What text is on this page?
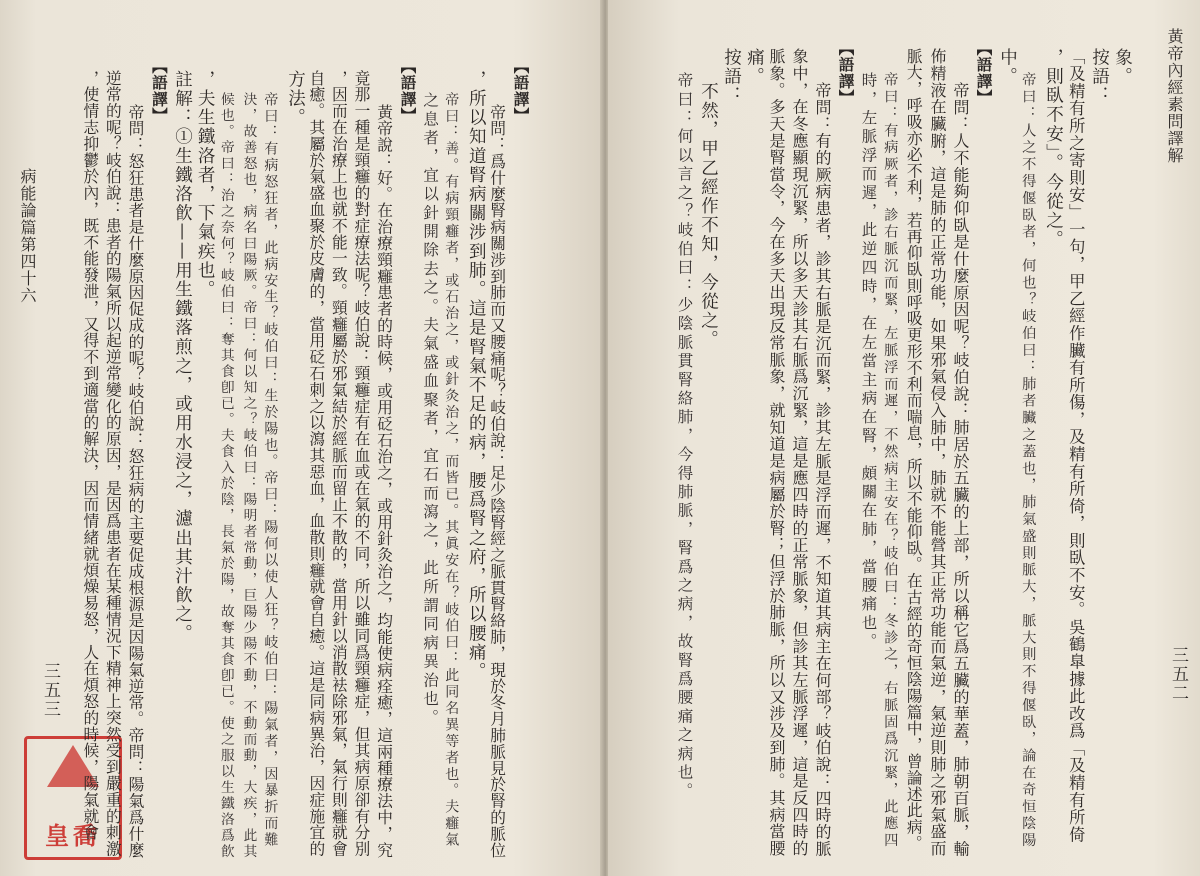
病能論篇第四十六
三五三
皇喬
【語譯】
帝問：爲什麼腎病關涉到肺而又腰痛呢？岐伯說：足少陰腎經之脈貫腎絡肺，現於冬月肺脈見於腎的脈位
，所以知道腎病關涉到肺。這是腎氣不足的病，腰爲腎之府，所以腰痛。
帝曰：善。有病頸癰者，或石治之，或針灸治之，而皆已。其眞安在？岐伯曰：此同名異等者也。夫癰氣
之息者，宜以針開除去之。夫氣盛血聚者，宜石而瀉之，此所謂同病異治也。
【語譯】
黃帝說：好。在治療頸癰患者的時候，或用砭石治之，或用針灸治之，均能使病痊癒，這兩種療法中，究
竟那一種是頸癰的對症療法呢？岐伯說：頸癰症有在血或在氣的不同，所以雖同爲頸癰症，但其病原卻有分別
，因而在治療上也就不能一致。頸癰屬於邪氣結於經脈而留止不散的，當用針以消散袪除邪氣，氣行則癰就會
自癒。其屬於氣盛血聚於皮膚的，當用砭石刺之以瀉其惡血，血散則癰就會自癒。這是同病異治，因症施宜的
方法。
帝曰：有病怒狂者，此病安生？岐伯曰：生於陽也。帝曰：陽何以使人狂？岐伯曰：陽氣者，因暴折而難
決，故善怒也，病名曰陽厥。帝曰：何以知之？岐伯曰：陽明者常動，巨陽少陽不動，不動而動，大疾，此其
候也。帝曰：治之奈何？岐伯曰：奪其食卽已。夫食入於陰，長氣於陽，故奪其食卽已。使之服以生鐵洛爲飮
，夫生鐵洛者，下氣疾也。
註解：①生鐵洛飮——用生鐵落煎之，或用水浸之，濾出其汁飮之。
【語譯】
帝問：怒狂患者是什麼原因促成的呢？岐伯說：怒狂病的主要促成根源是因陽氣逆常。帝問：陽氣爲什麼
逆常的呢？岐伯說：患者的陽氣所以起逆常變化的原因，是因爲患者在某種情況下精神上突然受到嚴重的刺激
，使情志抑鬱於內，既不能發泄，又得不到適當的解決，因而情緒就煩燥易怒，人在煩怒的時候，陽氣就會	黃帝內經素問譯解
三五二
象。
按語：
「及精有所之寄則安」一句，甲乙經作臟有所傷，及精有所倚，則臥不安。吳鶴臯據此改爲「及精有所倚
，則臥不安」。今從之。
帝曰：人之不得偃臥者，何也？岐伯曰：肺者臟之蓋也，肺氣盛則脈大，脈大則不得偃臥，論在奇恒陰陽
中。
【語譯】
帝問：人不能夠仰臥是什麼原因呢？岐伯說：肺居於五臟的上部，所以稱它爲五臟的華蓋，肺朝百脈，輸
佈精液在臟腑，這是肺的正常功能，如果邪氣侵入肺中，肺就不能營其正常功能而氣逆，氣逆則肺之邪氣盛而
脈大，呼吸亦必不利，若再仰臥則呼吸更形不利而喘息，所以不能仰臥。在古經的奇恒陰陽篇中，曾論述此病。
帝曰：有病厥者，診右脈沉而緊，左脈浮而遲，不然病主安在？岐伯曰：冬診之，右脈固爲沉緊，此應四
時，左脈浮而遲，此逆四時，在左當主病在腎，頗關在肺，當腰痛也。
【語譯】
帝問：有的厥病患者，診其右脈是沉而緊，診其左脈是浮而遲，不知道其病主在何部？岐伯說：四時的脈
象中，在冬應顯現沉緊，所以多天診其右脈爲沉緊，這是應四時的正常脈象，但診其左脈浮遲，這是反四時的
脈象。多天是腎當令，今在多天出現反常脈象，就知道是病屬於腎；但浮於肺脈，所以又涉及到肺。其病當腰
痛。
按語：
不然，甲乙經作不知，今從之。
帝曰：何以言之？岐伯曰：少陰脈貫腎絡肺，今得肺脈，腎爲之病，故腎爲腰痛之病也。
